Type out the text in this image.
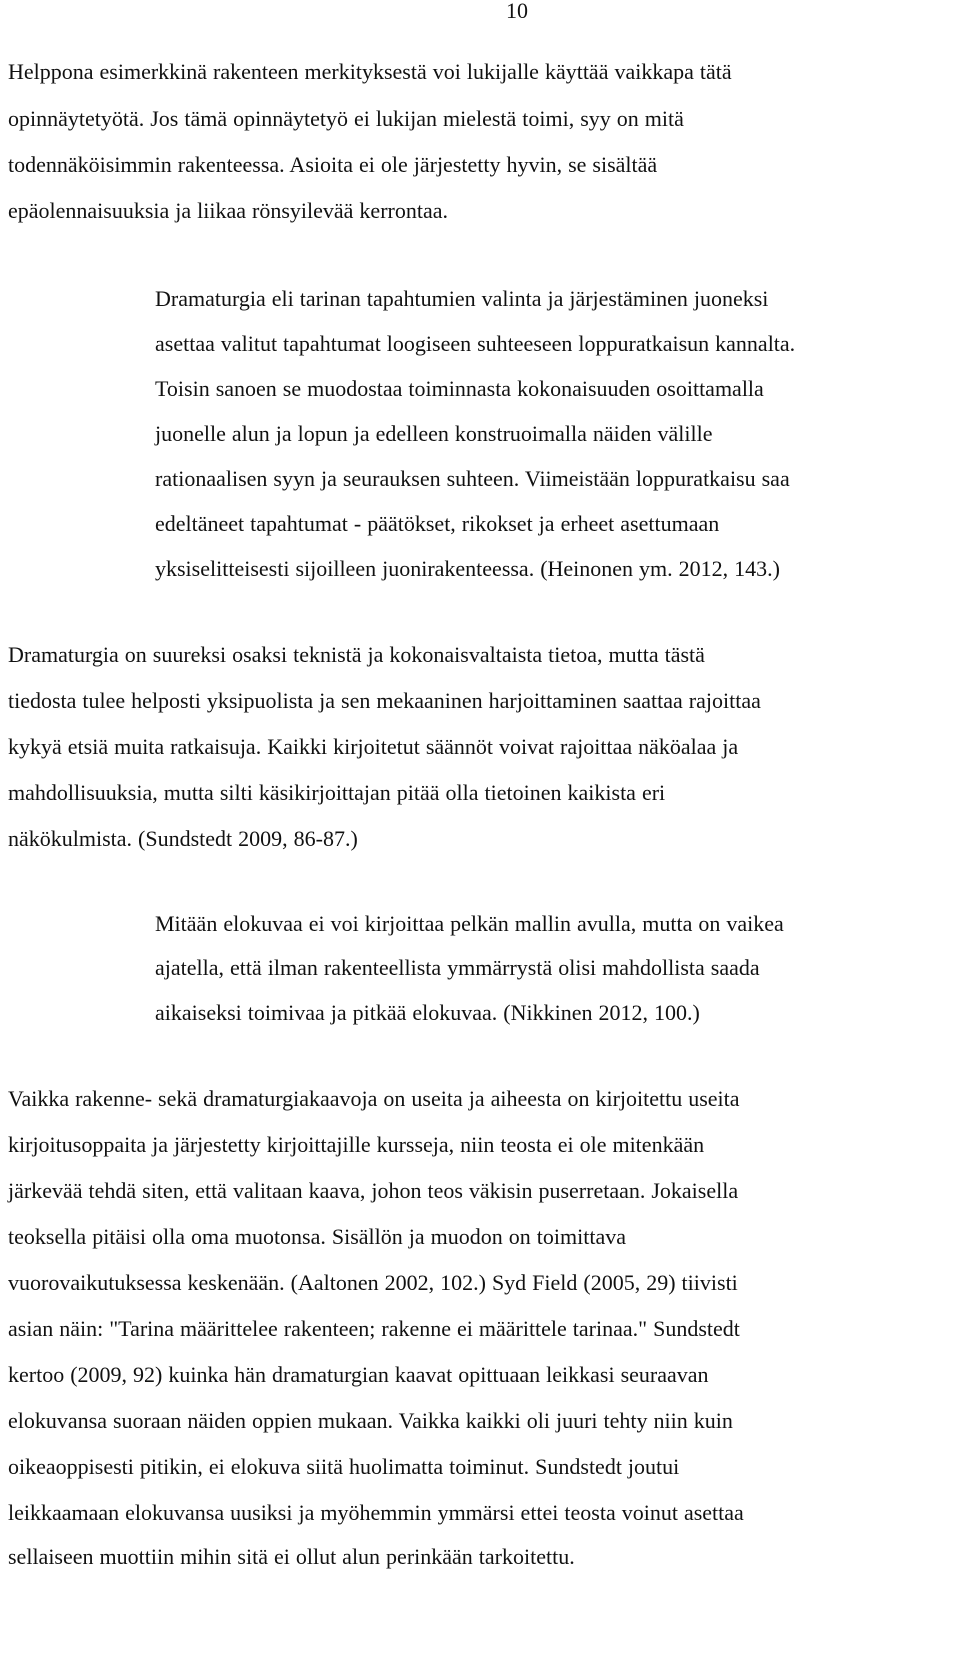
10
Helppona esimerkkinä rakenteen merkityksestä voi lukijalle käyttää vaikkapa tätä
opinnäytetyötä. Jos tämä opinnäytetyö ei lukijan mielestä toimi, syy on mitä
todennäköisimmin rakenteessa. Asioita ei ole järjestetty hyvin, se sisältää
epäolennaisuuksia ja liikaa rönsyilevää kerrontaa.
Dramaturgia eli tarinan tapahtumien valinta ja järjestäminen juoneksi
asettaa valitut tapahtumat loogiseen suhteeseen loppuratkaisun kannalta.
Toisin sanoen se muodostaa toiminnasta kokonaisuuden osoittamalla
juonelle alun ja lopun ja edelleen konstruoimalla näiden välille
rationaalisen syyn ja seurauksen suhteen. Viimeistään loppuratkaisu saa
edeltäneet tapahtumat - päätökset, rikokset ja erheet asettumaan
yksiselitteisesti sijoilleen juonirakenteessa. (Heinonen ym. 2012, 143.)
Dramaturgia on suureksi osaksi teknistä ja kokonaisvaltaista tietoa, mutta tästä
tiedosta tulee helposti yksipuolista ja sen mekaaninen harjoittaminen saattaa rajoittaa
kykyä etsiä muita ratkaisuja. Kaikki kirjoitetut säännöt voivat rajoittaa näköalaa ja
mahdollisuuksia, mutta silti käsikirjoittajan pitää olla tietoinen kaikista eri
näkökulmista. (Sundstedt 2009, 86-87.)
Mitään elokuvaa ei voi kirjoittaa pelkän mallin avulla, mutta on vaikea
ajatella, että ilman rakenteellista ymmärrystä olisi mahdollista saada
aikaiseksi toimivaa ja pitkää elokuvaa. (Nikkinen 2012, 100.)
Vaikka rakenne- sekä dramaturgiakaavoja on useita ja aiheesta on kirjoitettu useita
kirjoitusoppaita ja järjestetty kirjoittajille kursseja, niin teosta ei ole mitenkään
järkevää tehdä siten, että valitaan kaava, johon teos väkisin puserretaan. Jokaisella
teoksella pitäisi olla oma muotonsa. Sisällön ja muodon on toimittava
vuorovaikutuksessa keskenään. (Aaltonen 2002, 102.) Syd Field (2005, 29) tiivisti
asian näin: "Tarina määrittelee rakenteen; rakenne ei määrittele tarinaa." Sundstedt
kertoo (2009, 92) kuinka hän dramaturgian kaavat opittuaan leikkasi seuraavan
elokuvansa suoraan näiden oppien mukaan. Vaikka kaikki oli juuri tehty niin kuin
oikeaoppisesti pitikin, ei elokuva siitä huolimatta toiminut. Sundstedt joutui
leikkaamaan elokuvansa uusiksi ja myöhemmin ymmärsi ettei teosta voinut asettaa
sellaiseen muottiin mihin sitä ei ollut alun perinkään tarkoitettu.
